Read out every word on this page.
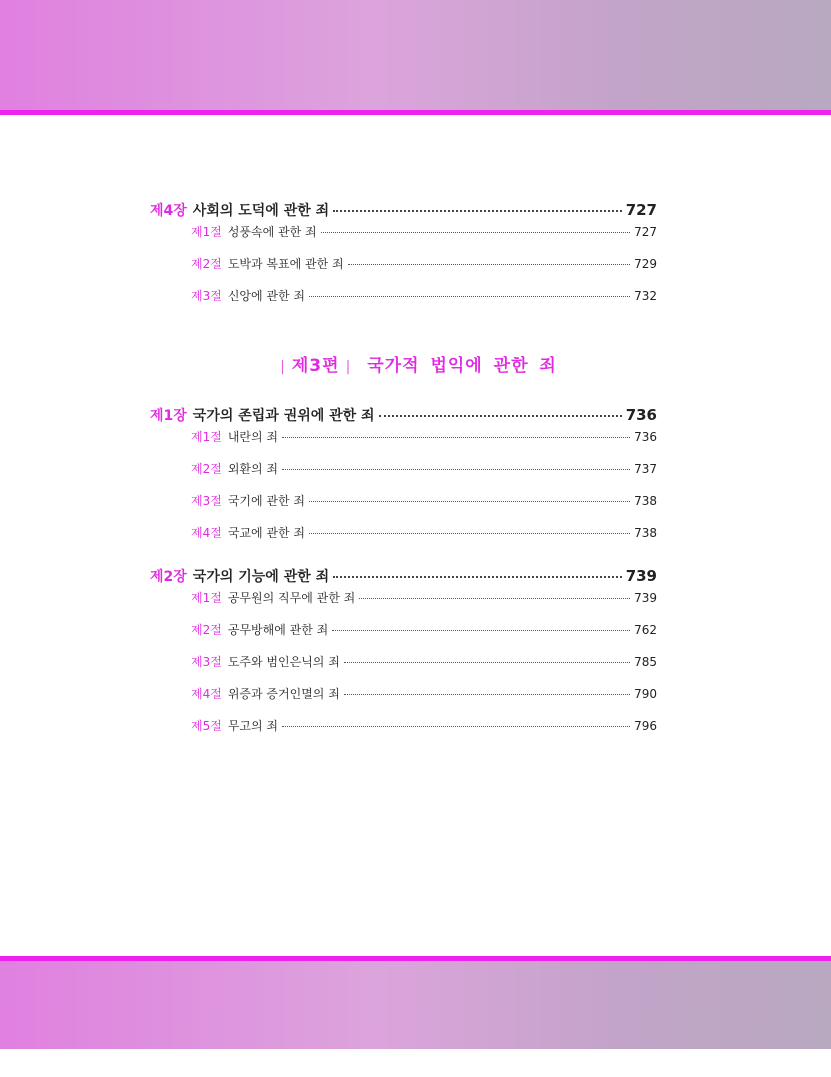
제4장 사회의 도덕에 관한 죄	727
제1절 성풍속에 관한 죄	727
제2절 도박과 복표에 관한 죄	729
제3절 신앙에 관한 죄	732
| 제3편 | 국가적 법익에 관한 죄
제1장 국가의 존립과 권위에 관한 죄	736
제1절 내란의 죄	736
제2절 외환의 죄	737
제3절 국기에 관한 죄	738
제4절 국교에 관한 죄	738
제2장 국가의 기능에 관한 죄	739
제1절 공무원의 직무에 관한 죄	739
제2절 공무방해에 관한 죄	762
제3절 도주와 범인은닉의 죄	785
제4절 위증과 증거인멸의 죄	790
제5절 무고의 죄	796
